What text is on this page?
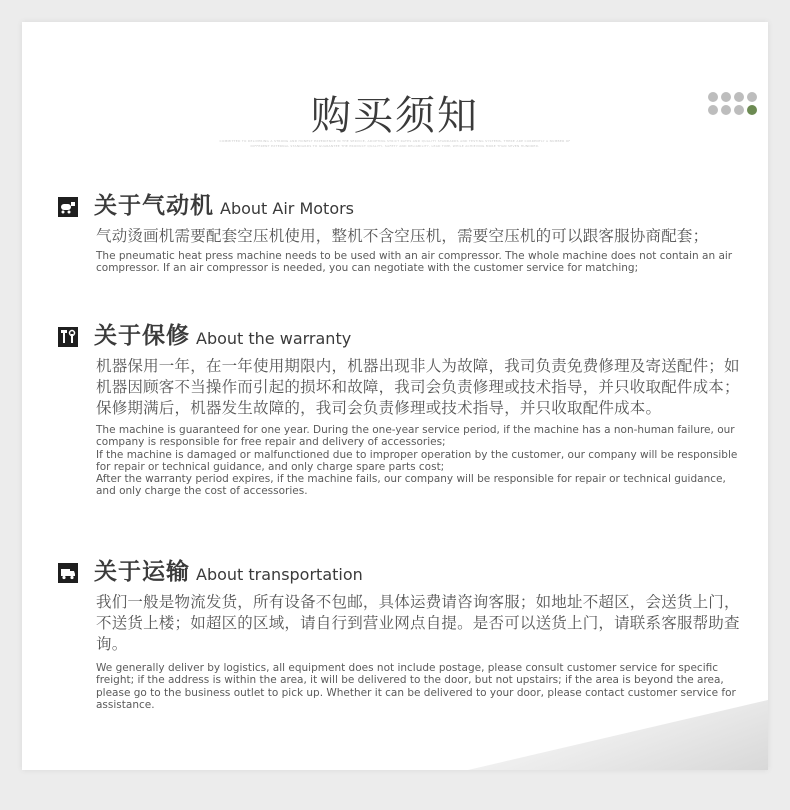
购买须知
COMMITTED TO DELIVERING A STRONG AND HONEST EXPERIENCE IN THE SERVICE, ADOPTING STRICT RATES AND QUALITY STANDARDS AND TESTING SYSTEMS, THERE ARE CURRENTLY A NUMBER OF DIFFERENT EXTERNAL STANDARDS TO GUARANTEE THE PRODUCT QUALITY, SAFETY AND RELIABILITY, LEAD TIME, WHILE ACHIEVING MORE THAN SEVEN HUNDRED.
关于气动机 About Air Motors
气动烫画机需要配套空压机使用，整机不含空压机，需要空压机的可以跟客服协商配套；
The pneumatic heat press machine needs to be used with an air compressor. The whole machine does not contain an air compressor. If an air compressor is needed, you can negotiate with the customer service for matching;
关于保修 About the warranty
机器保用一年，在一年使用期限内，机器出现非人为故障，我司负责免费修理及寄送配件；如机器因顾客不当操作而引起的损坏和故障，我司会负责修理或技术指导，并只收取配件成本；
保修期满后，机器发生故障的，我司会负责修理或技术指导，并只收取配件成本。
The machine is guaranteed for one year. During the one-year service period, if the machine has a non-human failure, our company is responsible for free repair and delivery of accessories;
If the machine is damaged or malfunctioned due to improper operation by the customer, our company will be responsible for repair or technical guidance, and only charge spare parts cost;
After the warranty period expires, if the machine fails, our company will be responsible for repair or technical guidance, and only charge the cost of accessories.
关于运输 About transportation
我们一般是物流发货，所有设备不包邮，具体运费请咨询客服；如地址不超区，会送货上门，不送货上楼；如超区的区域，请自行到营业网点自提。是否可以送货上门，请联系客服帮助查询。
We generally deliver by logistics, all equipment does not include postage, please consult customer service for specific freight; if the address is within the area, it will be delivered to the door, but not upstairs; if the area is beyond the area, please go to the business outlet to pick up. Whether it can be delivered to your door, please contact customer service for assistance.
